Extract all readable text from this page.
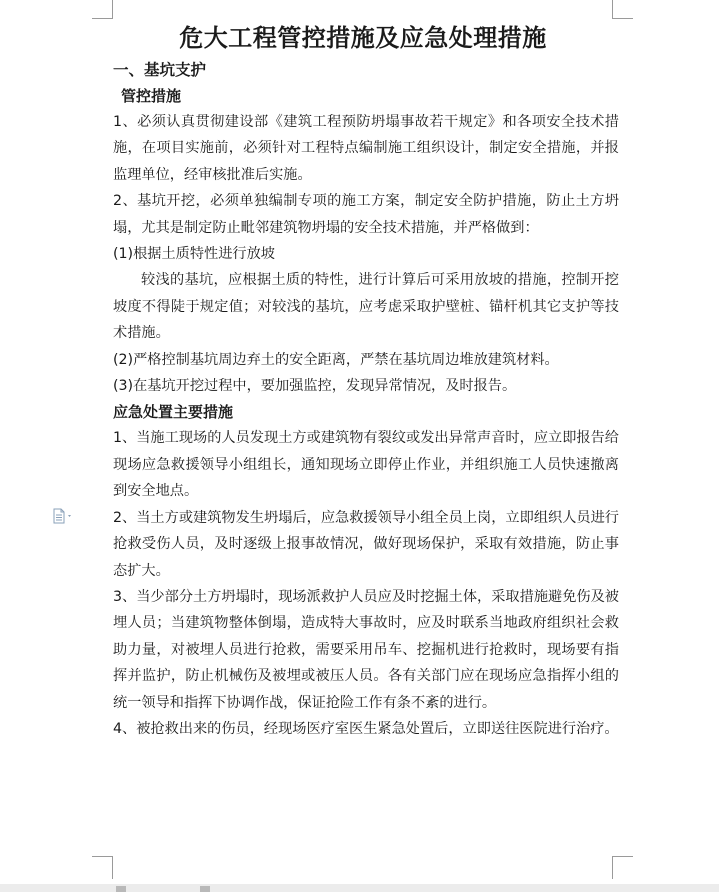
危大工程管控措施及应急处理措施
一、基坑支护
管控措施

1、必须认真贯彻建设部《建筑工程预防坍塌事故若干规定》和各项安全技术措施，在项目实施前，必须针对工程特点编制施工组织设计，制定安全措施，并报监理单位，经审核批准后实施。

2、基坑开挖，必须单独编制专项的施工方案，制定安全防护措施，防止土方坍塌，尤其是制定防止毗邻建筑物坍塌的安全技术措施，并严格做到：

(1)根据土质特性进行放坡

较浅的基坑，应根据土质的特性，进行计算后可采用放坡的措施，控制开挖坡度不得陡于规定值；对较浅的基坑，应考虑采取护壁桩、锚杆机其它支护等技术措施。

(2)严格控制基坑周边弃土的安全距离，严禁在基坑周边堆放建筑材料。

(3)在基坑开挖过程中，要加强监控，发现异常情况，及时报告。

应急处置主要措施

1、当施工现场的人员发现土方或建筑物有裂纹或发出异常声音时，应立即报告给现场应急救援领导小组组长，通知现场立即停止作业，并组织施工人员快速撤离到安全地点。

2、当土方或建筑物发生坍塌后，应急救援领导小组全员上岗，立即组织人员进行抢救受伤人员，及时逐级上报事故情况，做好现场保护，采取有效措施，防止事态扩大。

3、当少部分土方坍塌时，现场派救护人员应及时挖掘土体，采取措施避免伤及被埋人员；当建筑物整体倒塌，造成特大事故时，应及时联系当地政府组织社会救助力量，对被埋人员进行抢救，需要采用吊车、挖掘机进行抢救时，现场要有指挥并监护，防止机械伤及被埋或被压人员。各有关部门应在现场应急指挥小组的统一领导和指挥下协调作战，保证抢险工作有条不紊的进行。

4、被抢救出来的伤员，经现场医疗室医生紧急处置后，立即送往医院进行治疗。
